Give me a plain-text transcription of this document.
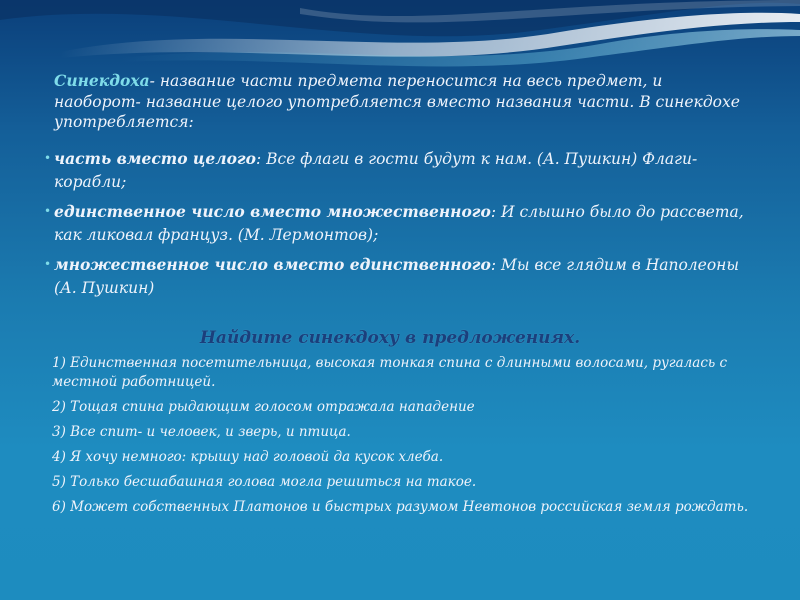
Синекдоха- название части предмета переносится на весь предмет, и наоборот- название целого употребляется вместо названия части. В синекдохе употребляется:
• часть вместо целого: Все флаги в гости будут к нам. (А. Пушкин) Флаги-корабли;
• единственное число вместо множественного: И слышно было до рассвета, как ликовал француз. (М. Лермонтов);
• множественное число вместо единственного: Мы все глядим в Наполеоны (А. Пушкин)
Найдите синекдоху в предложениях.
1) Единственная посетительница, высокая тонкая спина с длинными волосами, ругалась с местной работницей.
2) Тощая спина рыдающим голосом отражала нападение
3) Все спит- и человек, и зверь, и птица.
4) Я хочу немного: крышу над головой да кусок хлеба.
5) Только бесшабашная голова могла решиться на такое.
6) Может собственных Платонов и быстрых разумом Невтонов российская земля рождать.
